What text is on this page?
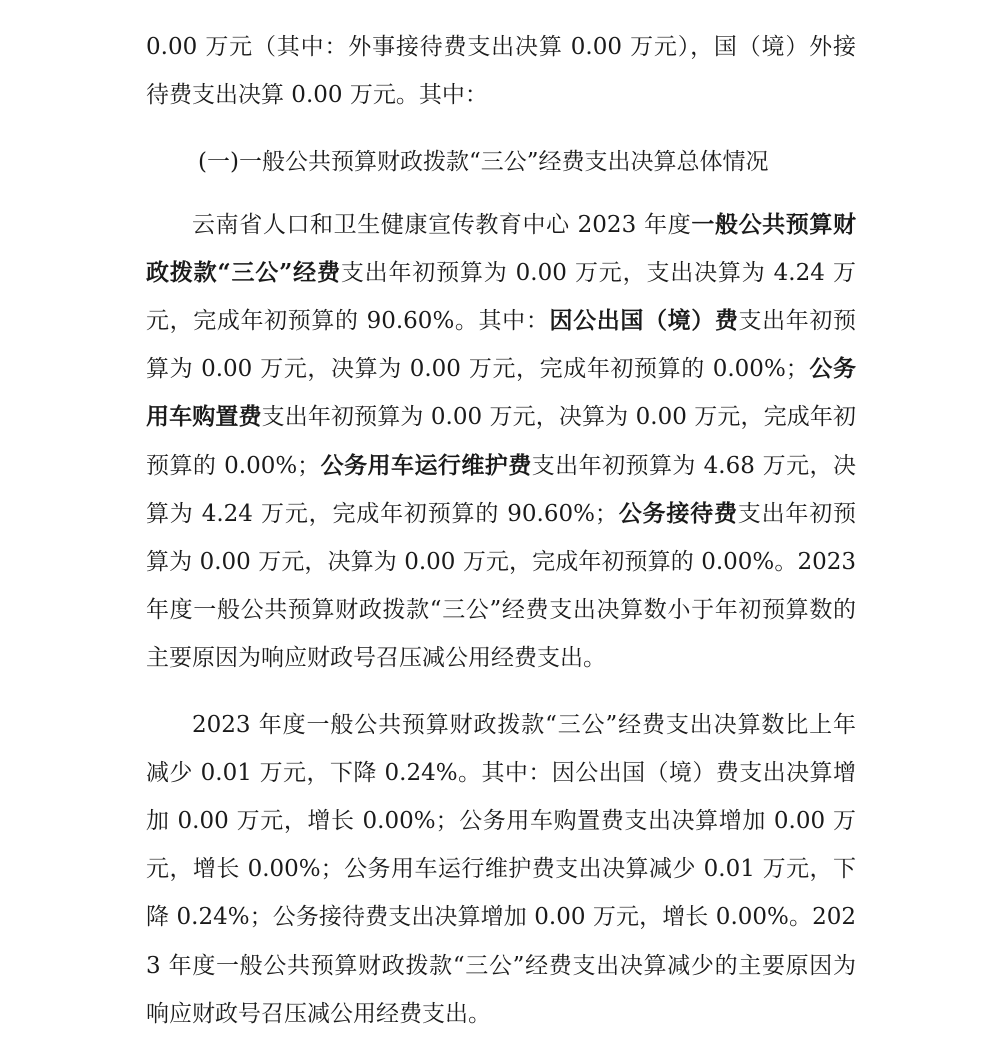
0.00 万元（其中：外事接待费支出决算 0.00 万元），国（境）外接待费支出决算 0.00 万元。其中：

(一)一般公共预算财政拨款“三公”经费支出决算总体情况

云南省人口和卫生健康宣传教育中心 2023 年度一般公共预算财政拨款“三公”经费支出年初预算为 0.00 万元，支出决算为 4.24 万元，完成年初预算的 90.60%。其中：因公出国（境）费支出年初预算为 0.00 万元，决算为 0.00 万元，完成年初预算的 0.00%；公务用车购置费支出年初预算为 0.00 万元，决算为 0.00 万元，完成年初预算的 0.00%；公务用车运行维护费支出年初预算为 4.68 万元，决算为 4.24 万元，完成年初预算的 90.60%；公务接待费支出年初预算为 0.00 万元，决算为 0.00 万元，完成年初预算的 0.00%。2023 年度一般公共预算财政拨款“三公”经费支出决算数小于年初预算数的主要原因为响应财政号召压减公用经费支出。

2023 年度一般公共预算财政拨款“三公”经费支出决算数比上年减少 0.01 万元，下降 0.24%。其中：因公出国（境）费支出决算增加 0.00 万元，增长 0.00%；公务用车购置费支出决算增加 0.00 万元，增长 0.00%；公务用车运行维护费支出决算减少 0.01 万元，下降 0.24%；公务接待费支出决算增加 0.00 万元，增长 0.00%。2023 年度一般公共预算财政拨款“三公”经费支出决算减少的主要原因为响应财政号召压减公用经费支出。
